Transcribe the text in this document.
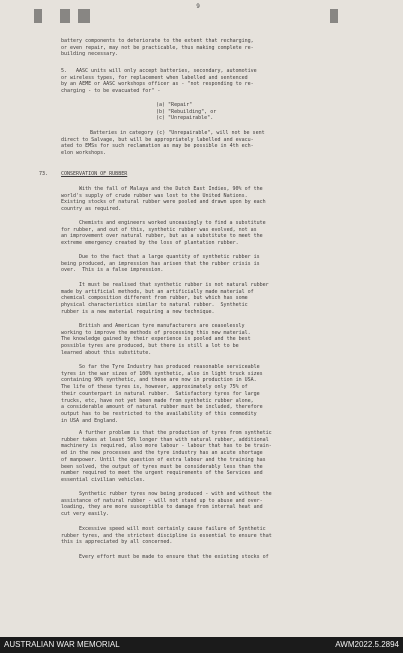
9
battery components to deteriorate to the extent that recharging,
or even repair, may not be practicable, thus making complete re-
building necessary.
5. AASC units will only accept batteries, secondary, automotive
or wireless types, for replacement when labelled and sentenced
by an AEME or AASC workshops officer as - "not responding to re-
charging - to be evacuated for" -
(a) "Repair"
(b) "Rebuilding", or
(c) "Unrepairable".
Batteries in category (c) "Unrepairable", will not be sent
direct to Salvage, but will be appropriately labelled and evacu-
ated to EMSs for such reclamation as may be possible in 4th ech-
elon workshops.
73.	CONSERVATION OF RUBBER
With the fall of Malaya and the Dutch East Indies, 90% of the
world's supply of crude rubber was lost to the United Nations.
Existing stocks of natural rubber were pooled and drawn upon by each
country as required.
Chemists and engineers worked unceasingly to find a substitute
for rubber, and out of this, synthetic rubber was evolved, not as
an improvement over natural rubber, but as a substitute to meet the
extreme emergency created by the loss of plantation rubber.
Due to the fact that a large quantity of synthetic rubber is
being produced, an impression has arisen that the rubber crisis is
over.  This is a false impression.
It must be realised that synthetic rubber is not natural rubber
made by artificial methods, but an artificially made material of
chemical composition different from rubber, but which has some
physical characteristics similar to natural rubber.  Synthetic
rubber is a new material requiring a new technique.
British and American tyre manufacturers are ceaselessly
working to improve the methods of processing this new material.
The knowledge gained by their experience is pooled and the best
possible tyres are produced, but there is still a lot to be
learned about this substitute.
So far the Tyre Industry has produced reasonable serviceable
tyres in the war sizes of 100% synthetic, also in light truck sizes
containing 90% synthetic, and these are now in production in USA.
The life of these tyres is, however, approximately only 75% of
their counterpart in natural rubber.  Satisfactory tyres for large
trucks, etc, have not yet been made from synthetic rubber alone,
a considerable amount of natural rubber must be included, therefore
output has to be restricted to the availability of this commodity
in USA and England.
A further problem is that the production of tyres from synthetic
rubber takes at least 50% longer than with natural rubber, additional
machinery is required, also more labour - labour that has to be train-
ed in the new processes and the tyre industry has an acute shortage
of manpower. Until the question of extra labour and the training has
been solved, the output of tyres must be considerably less than the
number required to meet the urgent requirements of the Services and
essential civilian vehicles.
Synthetic rubber tyres now being produced - with and without the
assistance of natural rubber - will not stand up to abuse and over-
loading, they are more susceptible to damage from internal heat and
cut very easily.
Excessive speed will most certainly cause failure of Synthetic
rubber tyres, and the strictest discipline is essential to ensure that
this is appreciated by all concerned.
Every effort must be made to ensure that the existing stocks of
AUSTRALIAN WAR MEMORIAL	AWM2022.5.2894
